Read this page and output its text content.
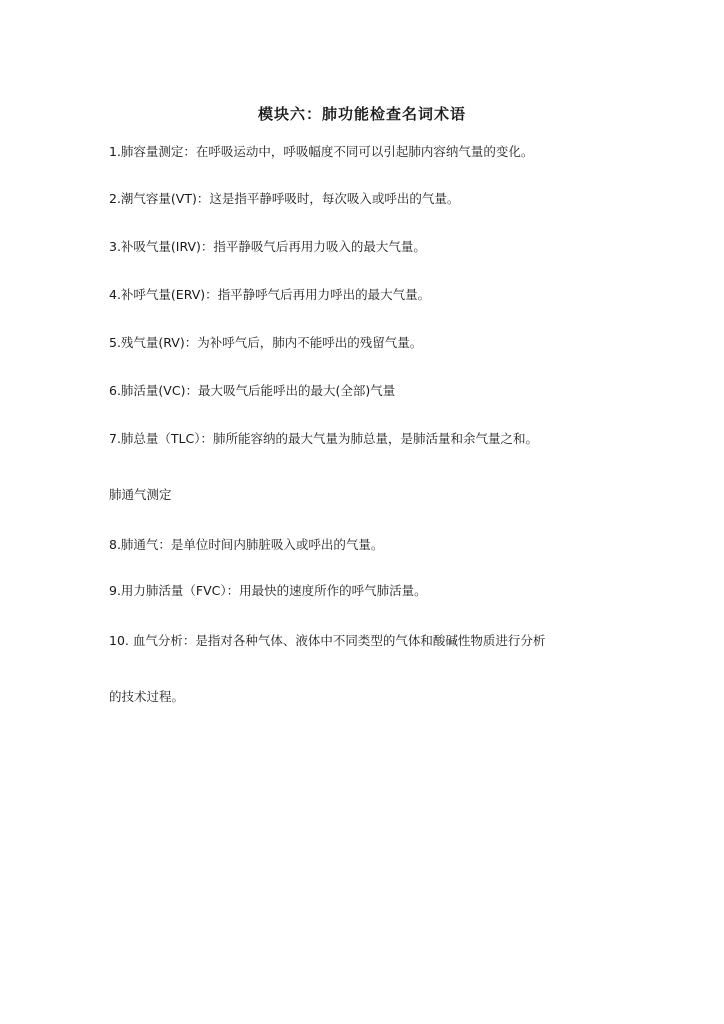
模块六：肺功能检查名词术语
1.肺容量测定：在呼吸运动中，呼吸幅度不同可以引起肺内容纳气量的变化。
2.潮气容量(VT)：这是指平静呼吸时，每次吸入或呼出的气量。
3.补吸气量(IRV)：指平静吸气后再用力吸入的最大气量。
4.补呼气量(ERV)：指平静呼气后再用力呼出的最大气量。
5.残气量(RV)：为补呼气后，肺内不能呼出的残留气量。
6.肺活量(VC)：最大吸气后能呼出的最大(全部)气量
7.肺总量（TLC）：肺所能容纳的最大气量为肺总量，是肺活量和余气量之和。
肺通气测定
8.肺通气：是单位时间内肺脏吸入或呼出的气量。
9.用力肺活量（FVC）：用最快的速度所作的呼气肺活量。
10. 血气分析：是指对各种气体、液体中不同类型的气体和酸碱性物质进行分析
的技术过程。
